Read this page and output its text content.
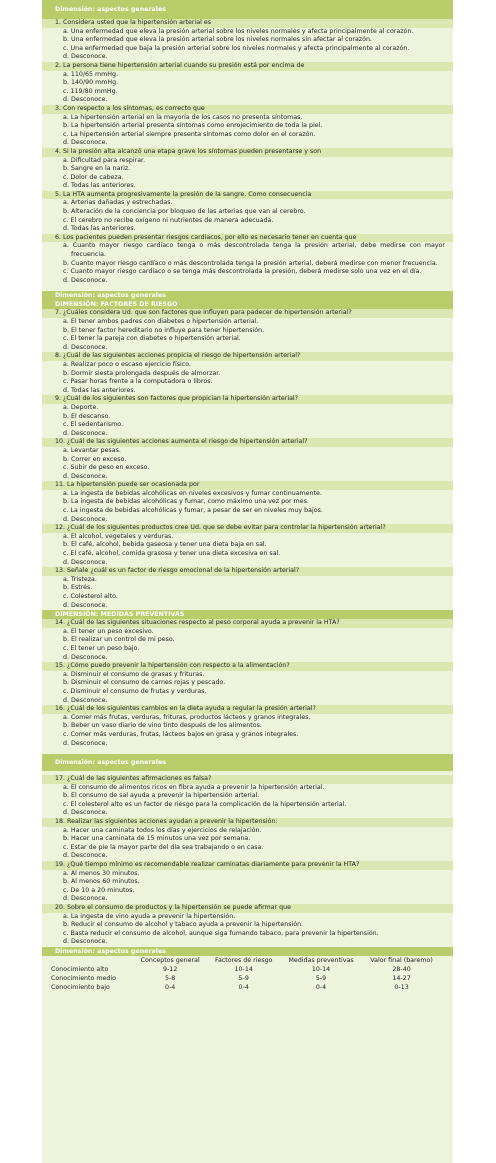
Dimensión: aspectos generales
1. Considera usted que la hipertensión arterial es
a. Una enfermedad que eleva la presión arterial sobre los niveles normales y afecta principalmente al corazón.
b. Una enfermedad que eleva la presión arterial sobre los niveles normales sin afectar al corazón.
c. Una enfermedad que baja la presión arterial sobre los niveles normales y afecta principalmente al corazón.
d. Desconoce.
2. La persona tiene hipertensión arterial cuando su presión está por encima de
a. 110/65 mmHg.
b. 140/90 mmHg.
c. 119/80 mmHg.
d. Desconoce.
3. Con respecto a los síntomas, es correcto que
a. La hipertensión arterial en la mayoría de los casos no presenta síntomas.
b. La hipertensión arterial presenta síntomas como enrojecimiento de toda la piel.
c. La hipertensión arterial siempre presenta síntomas como dolor en el corazón.
d. Desconoce.
4. Si la presión alta alcanzó una etapa grave los síntomas pueden presentarse y son
a. Dificultad para respirar.
b. Sangre en la nariz.
c. Dolor de cabeza.
d. Todas las anteriores.
5. La HTA aumenta progresivamente la presión de la sangre. Como consecuencia
a. Arterias dañadas y estrechadas.
b. Alteración de la conciencia por bloqueo de las arterias que van al cerebro.
c. El cerebro no recibe oxígeno ni nutrientes de manera adecuada.
d. Todas las anteriores.
6. Los pacientes pueden presentar riesgos cardíacos, por ello es necesario tener en cuenta que
a. Cuanto mayor riesgo cardíaco tenga o más descontrolada tenga la presión arterial, debe medirse con mayor frecuencia.
b. Cuanto mayor riesgo cardíaco o más descontrolada tenga la presión arterial, deberá medirse con menor frecuencia.
c. Cuanto mayor riesgo cardíaco o se tenga más descontrolada la presión, deberá medirse solo una vez en el día.
d. Desconoce.
Dimensión: aspectos generales
DIMENSIÓN: FACTORES DE RIESGO
7. ¿Cuáles considera Ud. que son factores que influyen para padecer de hipertensión arterial?
a. El tener ambos padres con diabetes o hipertensión arterial.
b. El tener factor hereditario no influye para tener hipertensión.
c. El tener la pareja con diabetes o hipertensión arterial.
d. Desconoce.
8. ¿Cuál de las siguientes acciones propicia el riesgo de hipertensión arterial?
a. Realizar poco o escaso ejercicio físico.
b. Dormir siesta prolongada después de almorzar.
c. Pasar horas frente a la computadora o libros.
d. Todas las anteriores.
9. ¿Cuál de los siguientes son factores que propician la hipertensión arterial?
a. Deporte.
b. El descanso.
c. El sedentarismo.
d. Desconoce.
10. ¿Cuál de las siguientes acciones aumenta el riesgo de hipertensión arterial?
a. Levantar pesas.
b. Correr en exceso.
c. Subir de peso en exceso.
d. Desconoce.
11. La hipertensión puede ser ocasionada por
a. La ingesta de bebidas alcohólicas en niveles excesivos y fumar continuamente.
b. La ingesta de bebidas alcohólicas y fumar, como máximo una vez por mes.
c. La ingesta de bebidas alcohólicas y fumar, a pesar de ser en niveles muy bajos.
d. Desconoce.
12. ¿Cuál de los siguientes productos cree Ud. que se debe evitar para controlar la hipertensión arterial?
a. El alcohol, vegetales y verduras.
b. El café, alcohol, bebida gaseosa y tener una dieta baja en sal.
c. El café, alcohol, comida grasosa y tener una dieta excesiva en sal.
d. Desconoce.
13. Señale ¿cuál es un factor de riesgo emocional de la hipertensión arterial?
a. Tristeza.
b. Estrés.
c. Colesterol alto.
d. Desconoce.
DIMENSIÓN: MEDIDAS PREVENTIVAS
14. ¿Cuál de las siguientes situaciones respecto al peso corporal ayuda a prevenir la HTA?
a. El tener un peso excesivo.
b. El realizar un control de mi peso.
c. El tener un peso bajo.
d. Desconoce.
15. ¿Cómo puedo prevenir la hipertensión con respecto a la alimentación?
a. Disminuir el consumo de grasas y frituras.
b. Disminuir el consumo de carnes rojas y pescado.
c. Disminuir el consumo de frutas y verduras.
d. Desconoce.
16. ¿Cuál de los siguientes cambios en la dieta ayuda a regular la presión arterial?
a. Comer más frutas, verduras, frituras, productos lácteos y granos integrales.
b. Beber un vaso diario de vino tinto después de los alimentos.
c. Comer más verduras, frutas, lácteos bajos en grasa y granos integrales.
d. Desconoce.
Dimensión: aspectos generales
17. ¿Cuál de las siguientes afirmaciones es falsa?
a. El consumo de alimentos ricos en fibra ayuda a prevenir la hipertensión arterial.
b. El consumo de sal ayuda a prevenir la hipertensión arterial.
c. El colesterol alto es un factor de riesgo para la complicación de la hipertensión arterial.
d. Desconoce.
18. Realizar las siguientes acciones ayudan a prevenir la hipertensión:
a. Hacer una caminata todos los días y ejercicios de relajación.
b. Hacer una caminata de 15 minutos una vez por semana.
c. Estar de pie la mayor parte del día sea trabajando o en casa.
d. Desconoce.
19. ¿Qué tiempo mínimo es recomendable realizar caminatas diariamente para prevenir la HTA?
a. Al menos 30 minutos.
b. Al menos 60 minutos.
c. De 10 a 20 minutos.
d. Desconoce.
20. Sobre el consumo de productos y la hipertensión se puede afirmar que
a. La ingesta de vino ayuda a prevenir la hipertensión.
b. Reducir el consumo de alcohol y tabaco ayuda a prevenir la hipertensión.
c. Basta reducir el consumo de alcohol, aunque siga fumando tabaco, para prevenir la hipertensión.
d. Desconoce.
Dimensión: aspectos generales
	Conceptos general	Factores de riesgo	Medidas preventivas	Valor final (baremo)
Conocimiento alto	9-12	10-14	10-14	28-40
Conocimiento medio	5-8	5-9	5-9	14-27
Conocimiento bajo	0-4	0-4	0-4	0-13
